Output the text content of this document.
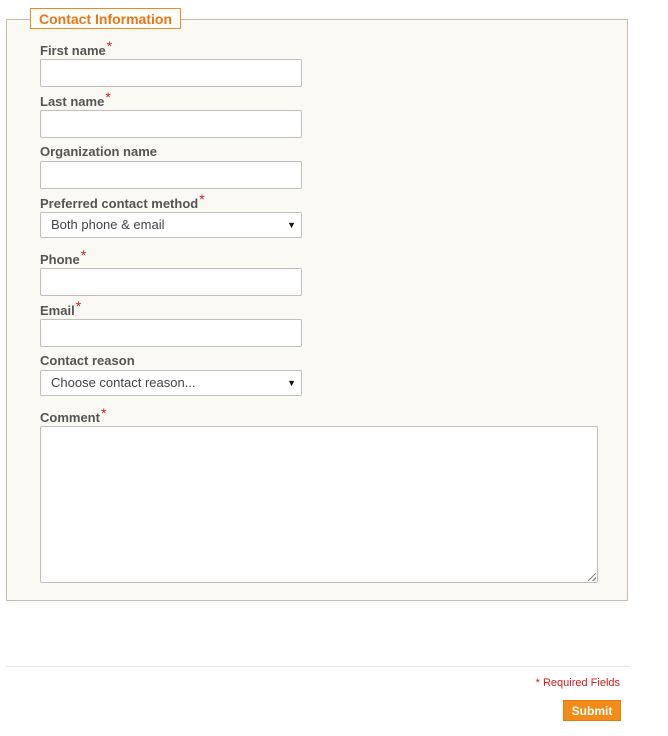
Contact Information
First name*
Last name*
Organization name
Preferred contact method*
Both phone & email	▼
Phone*
Email*
Contact reason
Choose contact reason...	▼
Comment*
* Required Fields
Submit
